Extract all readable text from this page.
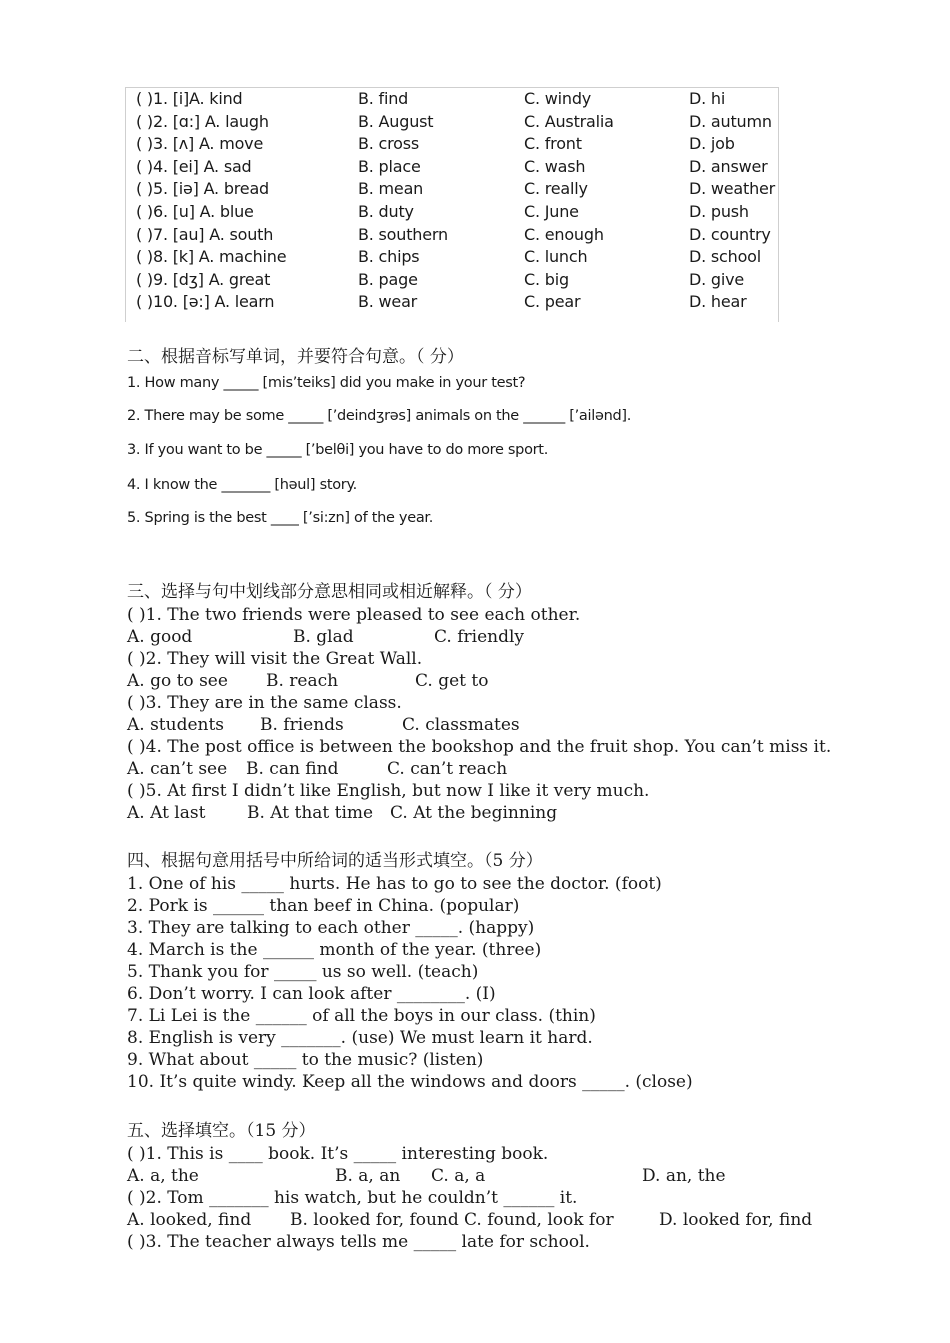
( )1. [i]A. kind	B. find	C. windy	D. hi
( )2. [ɑ:] A. laugh	B. August	C. Australia	D. autumn
( )3. [ʌ] A. move	B. cross	C. front	D. job
( )4. [ei] A. sad	B. place	C. wash	D. answer
( )5. [iə] A. bread	B. mean	C. really	D. weather
( )6. [u] A. blue	B. duty	C. June	D. push
( )7. [au] A. south	B. southern	C. enough	D. country
( )8. [k] A. machine	B. chips	C. lunch	D. school
( )9. [dʒ] A. great	B. page	C. big	D. give
( )10. [ə:] A. learn	B. wear	C. pear	D. hear
二、根据音标写单词，并要符合句意。（ 分）
1. How many _____ [mis’teiks] did you make in your test?
2. There may be some _____ [’deindʒrəs] animals on the ______ [’ailənd].
3. If you want to be _____ [’belθi] you have to do more sport.
4. I know the _______ [həul] story.
5. Spring is the best ____ [’si:zn] of the year.
三、选择与句中划线部分意思相同或相近解释。（ 分）
( )1. The two friends were pleased to see each other.
A. good	B. glad	C. friendly
( )2. They will visit the Great Wall.
A. go to see B. reach	C. get to
( )3. They are in the same class.
A. students B. friends	C. classmates
( )4. The post office is between the bookshop and the fruit shop. You can’t miss it.
A. can’t see B. can find	C. can’t reach
( )5. At first I didn’t like English, but now I like it very much.
A. At last B. At that time C. At the beginning
四、根据句意用括号中所给词的适当形式填空。（5 分）
1. One of his _____ hurts. He has to go to see the doctor. (foot)
2. Pork is ______ than beef in China. (popular)
3. They are talking to each other _____. (happy)
4. March is the ______ month of the year. (three)
5. Thank you for _____ us so well. (teach)
6. Don’t worry. I can look after ________. (I)
7. Li Lei is the ______ of all the boys in our class. (thin)
8. English is very _______. (use) We must learn it hard.
9. What about _____ to the music? (listen)
10. It’s quite windy. Keep all the windows and doors _____. (close)
五、选择填空。（15 分）
( )1. This is ____ book. It’s _____ interesting book.
A. a, the	B. a, an C. a, a	D. an, the
( )2. Tom _______ his watch, but he couldn’t ______ it.
A. looked, find B. looked for, found C. found, look for	D. looked for, find
( )3. The teacher always tells me _____ late for school.
